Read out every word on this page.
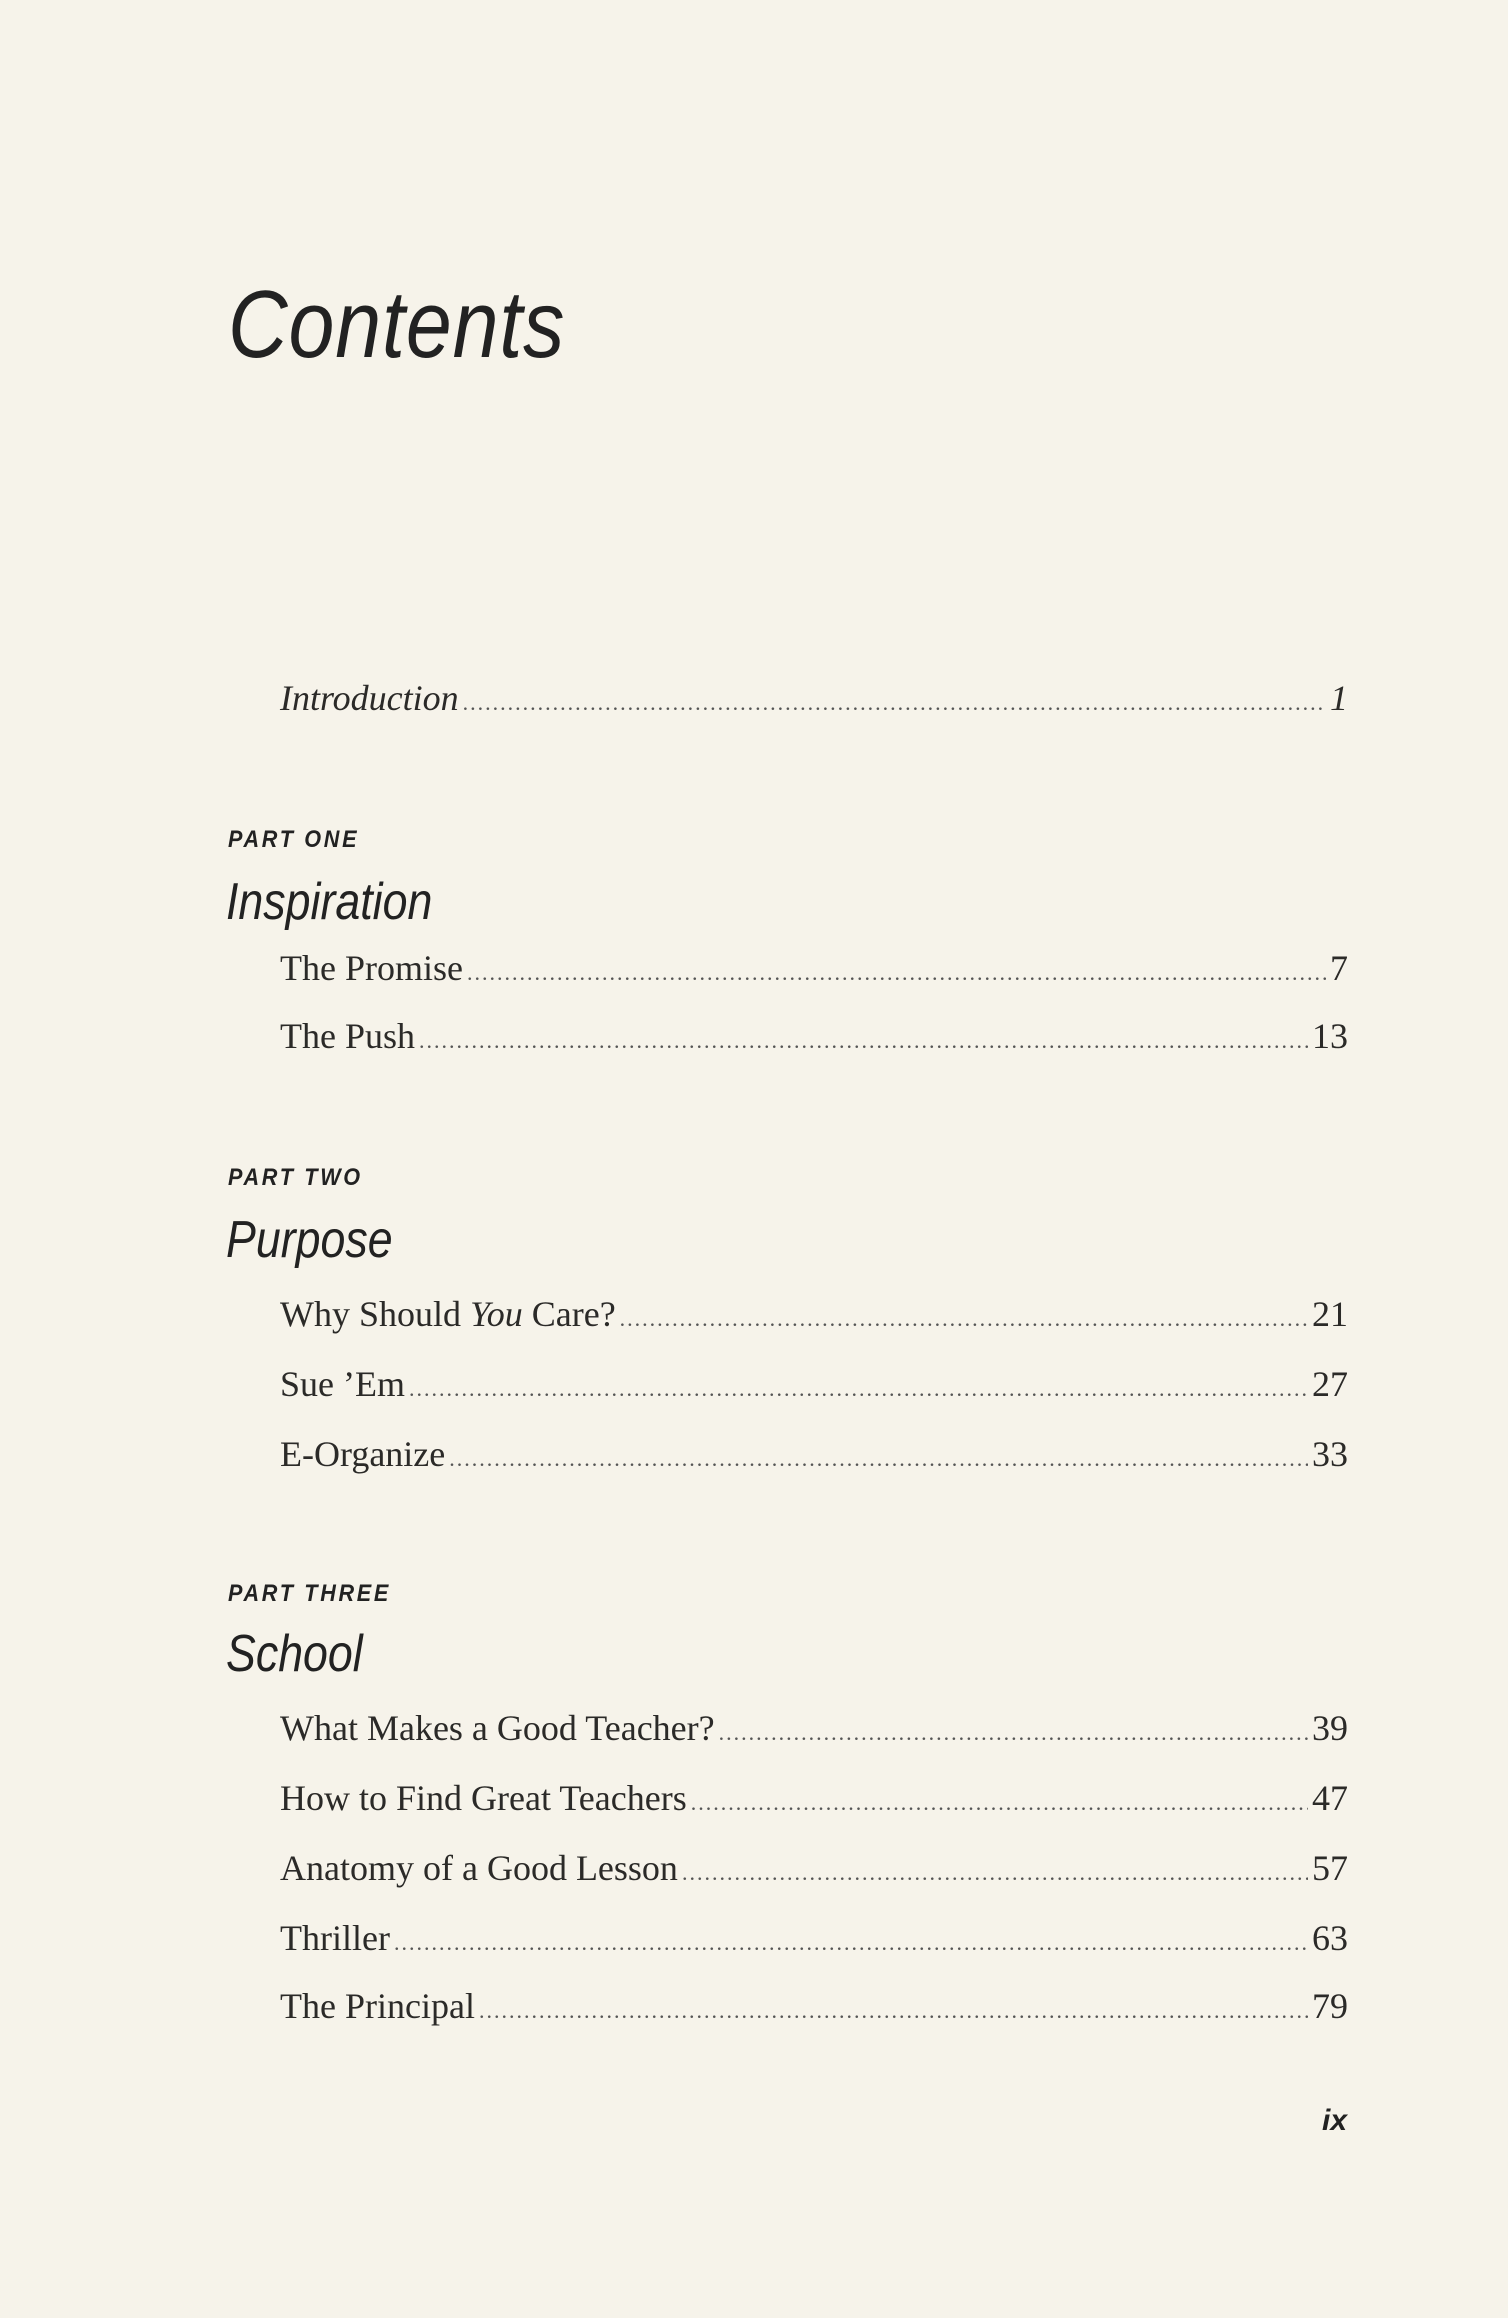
Contents
Introduction .....	1
PART ONE
Inspiration
The Promise .....	7
The Push .....	13
PART TWO
Purpose
Why Should You Care? .....	21
Sue ’Em .....	27
E-Organize .....	33
PART THREE
School
What Makes a Good Teacher? .....	39
How to Find Great Teachers .....	47
Anatomy of a Good Lesson .....	57
Thriller .....	63
The Principal .....	79
ix
